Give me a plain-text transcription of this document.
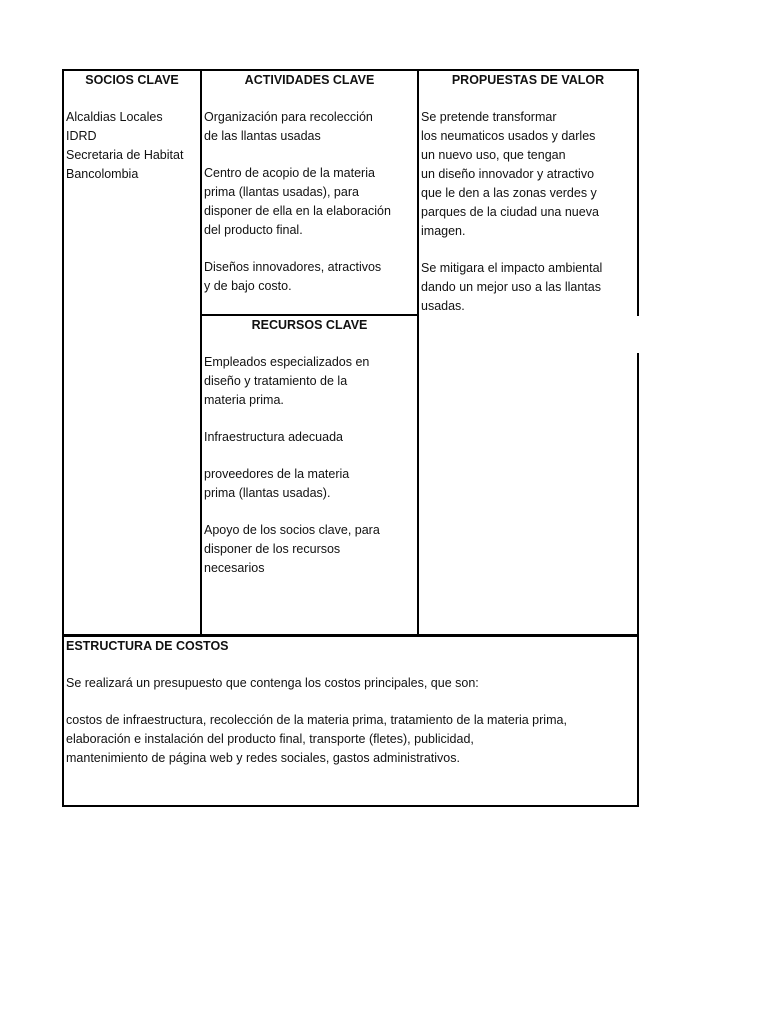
SOCIOS CLAVE
Alcaldias Locales
IDRD
Secretaria de Habitat
Bancolombia
ACTIVIDADES CLAVE
Organización para recolección
de las llantas usadas
Centro de acopio de la materia
prima (llantas usadas), para
disponer de ella en la elaboración
del producto final.
Diseños innovadores, atractivos
y de bajo costo.
PROPUESTAS DE VALOR
Se pretende transformar
los neumaticos usados y darles
un nuevo uso, que tengan
un diseño innovador y atractivo
que le den a las zonas verdes y
parques de la ciudad una nueva
imagen.
Se mitigara el impacto ambiental
dando un mejor uso a las llantas
usadas.
RECURSOS CLAVE
Empleados especializados en
diseño y tratamiento de la
materia prima.
Infraestructura adecuada
proveedores de la materia
prima (llantas usadas).
Apoyo de los socios clave, para
disponer de los recursos
necesarios
ESTRUCTURA DE COSTOS
Se realizará un presupuesto que contenga los costos principales, que son:
costos de infraestructura, recolección de la materia prima, tratamiento de la materia prima,
elaboración e instalación del producto final, transporte (fletes), publicidad,
mantenimiento de página web y redes sociales, gastos administrativos.
